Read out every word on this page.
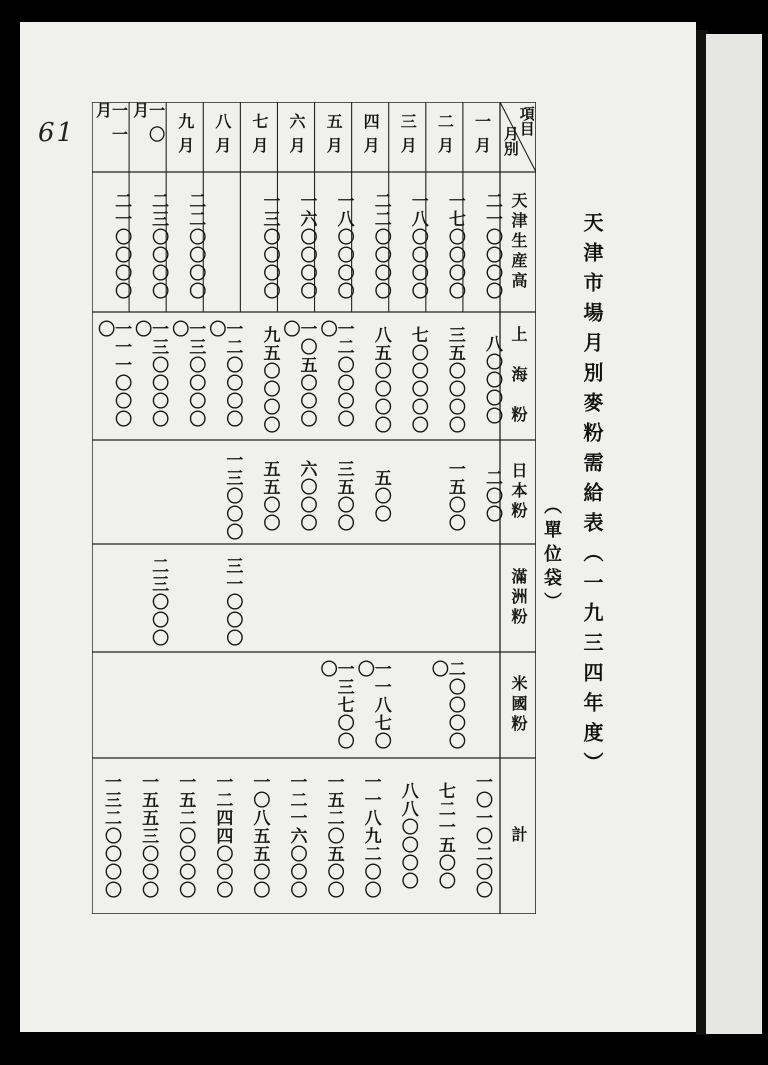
61
天津市場月別麥粉需給表（一九三四年度）
（單位袋）
項目
月別
天津生産高
上　海　粉
日本粉
滿洲粉
米國粉
計
一月
二一〇〇〇〇
八〇〇〇〇
二〇〇
一〇一〇二〇〇
二月
一七〇〇〇〇
三五〇〇〇〇
一五〇〇
二〇〇〇〇〇
七二一五〇〇
三月
一八〇〇〇〇
七〇〇〇〇〇
八八〇〇〇〇
四月
二二〇〇〇〇
八五〇〇〇〇
五〇〇
一一八七〇〇
一一八九二〇〇
五月
一八〇〇〇〇
一二〇〇〇〇〇
三五〇〇
一三七〇〇〇
一五二〇五〇〇
六月
一六〇〇〇〇
一〇五〇〇〇〇
六〇〇〇
一二一六〇〇〇
七月
一三〇〇〇〇
九五〇〇〇〇
五五〇〇
一〇八五五〇〇
八月
一二〇〇〇〇〇
一三〇〇〇
三一〇〇〇
一二四四〇〇〇
九月
二二〇〇〇〇
一三〇〇〇〇〇
一五二〇〇〇〇
一〇月
二三〇〇〇〇
一三〇〇〇〇〇
二三〇〇〇
一五五三〇〇〇
一一月
二一〇〇〇〇
一一一〇〇〇〇
一三二〇〇〇〇
